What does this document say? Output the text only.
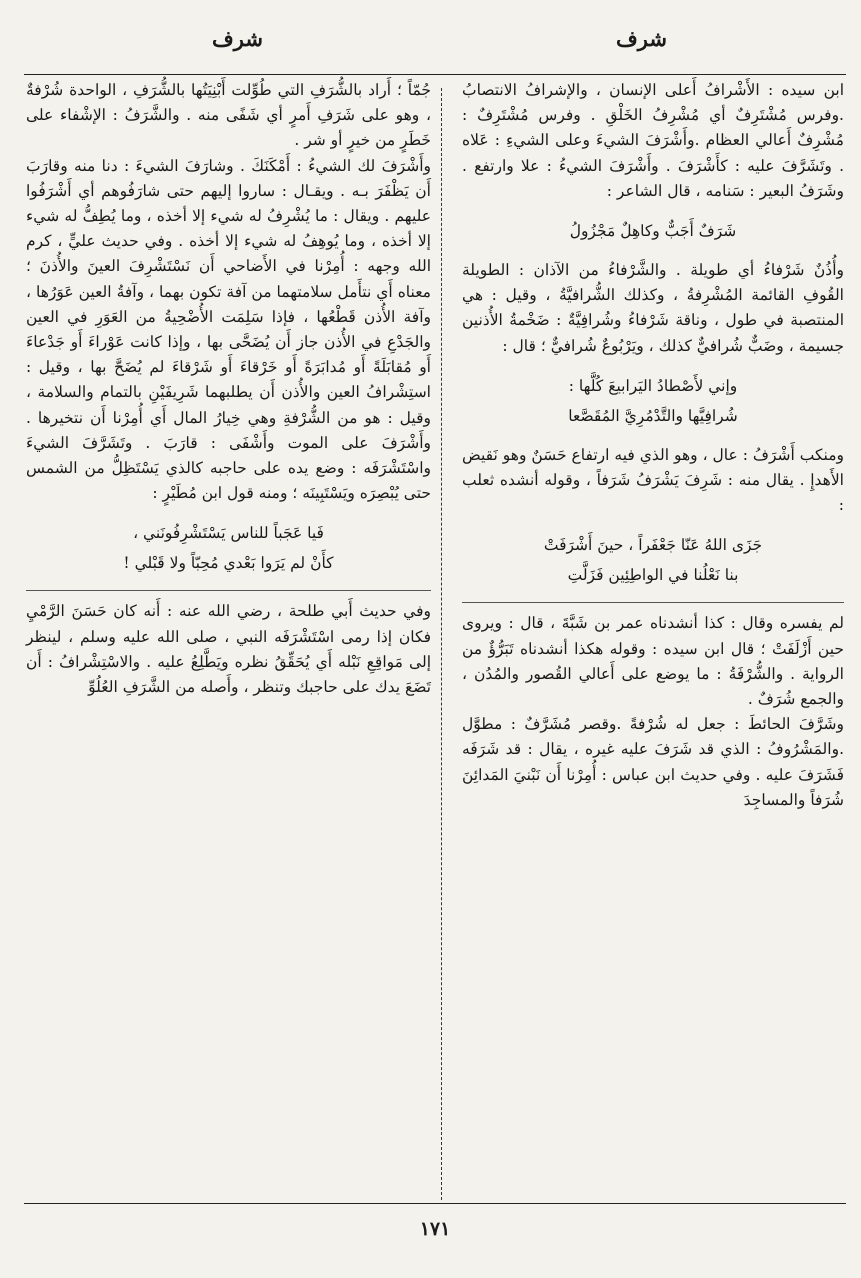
شرف
شرف

ابن سيده : الأَشْرافُ أَعلى الإنسان ، والإشرافُ الانتصابُ .وفرس مُشْتَرِفٌ أي مُشْرِفُ الخَلْقِ . وفرس مُشْتَرِفٌ : مُشْرِفٌ أَعالي العظام .وأَشْرَفَ الشيءَ وعلى الشيءِ : عَلاه . وتَشَرَّفَ عليه : كأَشْرَفَ . وأَشْرَفَ الشيءُ : علا وارتفع . وشَرَفُ البعير : سَنامه ، قال الشاعر :

شَرَفٌ أَجَبٌّ وكاهِلٌ مَجْزُولُ

وأُذُنٌ شَرْفاءُ أي طويلة . والشَّرْفاءُ من الآذان : الطويلة القُوفِ القائمة المُشْرِفةُ ، وكذلك الشُّرافيَّةُ ، وقيل : هي المنتصبة في طول ، وناقة شَرْفاءُ وشُرافِيَّةٌ : ضَخْمةُ الأُذنين جسيمة ، وضَبٌّ شُرافيٌّ كذلك ، ويَرْبُوعٌ شُرافيٌّ ؛ قال :

وإني لأَصْطادُ اليَرابيعَ كُلَّها :
شُرافِيَّها والتَّدْمُرِيَّ المُقَصَّعا

ومنكب أَشْرَفُ : عال ، وهو الذي فيه ارتفاع حَسَنٌ وهو نَقيض الأَهدإِ . يقال منه : شَرِفَ يَشْرَفُ شَرَفاً ، وقوله أنشده ثعلب :

جَزَى اللهُ عَنّا جَعْفَراً ، حينَ أَشْرَفَتْ
بنا نَعْلُنا في الواطِئِين فَزَلَّتِ

لم يفسره وقال : كذا أنشدناه عمر بن شَبَّةَ ، قال : ويروى حين أَزْلَفَتْ ؛ قال ابن سيده : وقوله هكذا أنشدناه تَبَرُّؤٌ من الرواية . والشُّرْفَةُ : ما يوضع على أَعالي القُصور والمُدُن ، والجمع شُرَفٌ .

وشَرَّفَ الحائطَ : جعل له شُرْفةً .وقصر مُشَرَّفٌ : مطوَّل .والمَشْرُوفُ : الذي قد شَرَفَ عليه غيره ، يقال : قد شَرَفَه فَشَرَفَ عليه . وفي حديث ابن عباس : أُمِرْنا أَن نَبْنيَ المَدائِنَ شُرَفاً والمساجِدَ

جُمّاً ؛ أَراد بالشُّرَفِ التي طُوِّلت أَبْنِيَتُها بالشُّرَفِ ، الواحدة شُرْفةٌ ، وهو على شَرَفِ أَمرٍ أي شَفًى منه . والشَّرَفُ : الإشْفاء على خَطَرٍ من خيرٍ أو شر .

وأَشْرَفَ لك الشيءُ : أَمْكَنَكَ . وشارَفَ الشيءَ : دنا منه وقارَبَ أَن يَظْفَرَ بـه . ويقـال : ساروا إليهم حتى شارَفُوهم أي أَشْرَفُوا عليهم . ويقال : ما يُشْرِفُ له شيء إلا أخذه ، وما يُطِفُّ له شيء إلا أخذه ، وما يُوهِفُ له شيء إلا أخذه . وفي حديث عليٍّ ، كرم الله وجهه : أُمِرْنا في الأَضاحي أَن نَسْتَشْرِفَ العينَ والأُذنَ ؛ معناه أَي نتأَمل سلامتهما من آفة تكون بهما ، وآفةُ العين عَوَرُها ، وآفة الأُذن قَطْعُها ، فإذا سَلِمَت الأُضْحِيةُ من العَوَرِ في العين والجَدْعِ في الأُذن جاز أَن يُضَحَّى بها ، وإذا كانت عَوْراءَ أَو جَدْعاءَ أَو مُقابَلَةً أَو مُدابَرَةً أَو خَرْقاءَ أَو شَرْقاءَ لم يُضَحَّ بها ، وقيل : استِشْرافُ العين والأُذن أَن يطلبهما شَرِيفَيْنِ بالتمام والسلامة ، وقيل : هو من الشُّرْفةِ وهي خِيارُ المال أَي أُمِرْنا أَن نتخيرها . وأَشْرَفَ على الموت وأَشْفَى : قارَبَ . وتَشَرَّفَ الشيءَ واسْتَشْرَفَه : وضع يده على حاجبه كالذي يَسْتَظِلُّ من الشمس حتى يُبْصِرَه ويَسْتَبِينَه ؛ ومنه قول ابن مُطَيْرٍ :

فَيا عَجَباً للناس يَسْتَشْرِفُونَني ،
كأَنْ لم يَرَوا بَعْدي مُحِبّاً ولا قَبْلي !

وفي حديث أَبي طلحة ، رضي الله عنه : أَنه كان حَسَنَ الرَّمْيِ فكان إذا رمى اسْتَشْرَفَه النبي ، صلى الله عليه وسلم ، لينظر إلى مَواقِعِ نَبْله أَي يُحَقِّقُ نظره ويَطَّلِعُ عليه . والاسْتِشْرافُ : أَن تَضَعَ يدك على حاجبك وتنظر ، وأَصله من الشَّرَفِ العُلُوِّ

١٧١
